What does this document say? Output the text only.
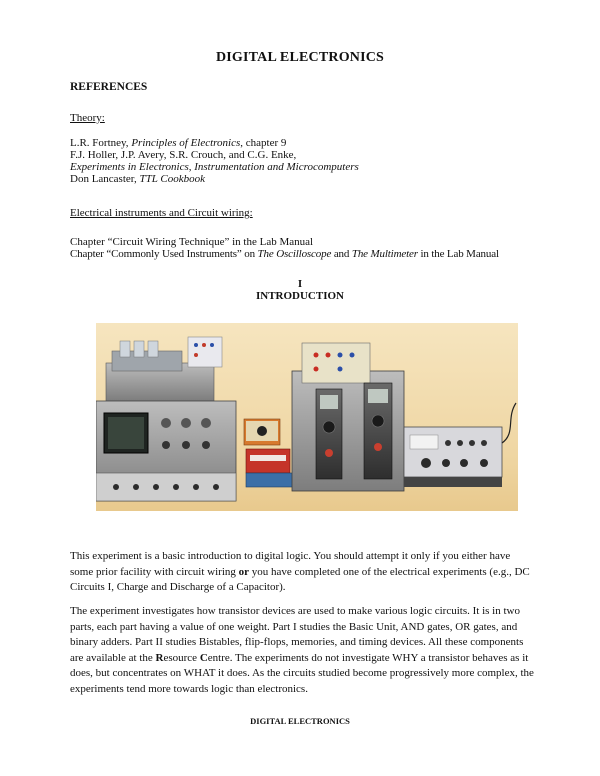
DIGITAL ELECTRONICS
REFERENCES
Theory:
L.R. Fortney, Principles of Electronics, chapter 9
F.J. Holler, J.P. Avery, S.R. Crouch, and C.G. Enke,
Experiments in Electronics, Instrumentation and Microcomputers
Don Lancaster, TTL Cookbook
Electrical instruments and Circuit wiring:
Chapter “Circuit Wiring Technique” in the Lab Manual
Chapter “Commonly Used Instruments” on The Oscilloscope and The Multimeter in the Lab Manual
I
INTRODUCTION
This experiment is a basic introduction to digital logic. You should attempt it only if you either have some prior facility with circuit wiring or you have completed one of the electrical experiments (e.g., DC Circuits I, Charge and Discharge of a Capacitor).
The experiment investigates how transistor devices are used to make various logic circuits. It is in two parts, each part having a value of one weight. Part I studies the Basic Unit, AND gates, OR gates, and binary adders. Part II studies Bistables, flip-flops, memories, and timing devices. All these components are available at the Resource Centre. The experiments do not investigate WHY a transistor behaves as it does, but concentrates on WHAT it does. As the circuits studied become progressively more complex, the experiments tend more towards logic than electronics.
DIGITAL ELECTRONICS
